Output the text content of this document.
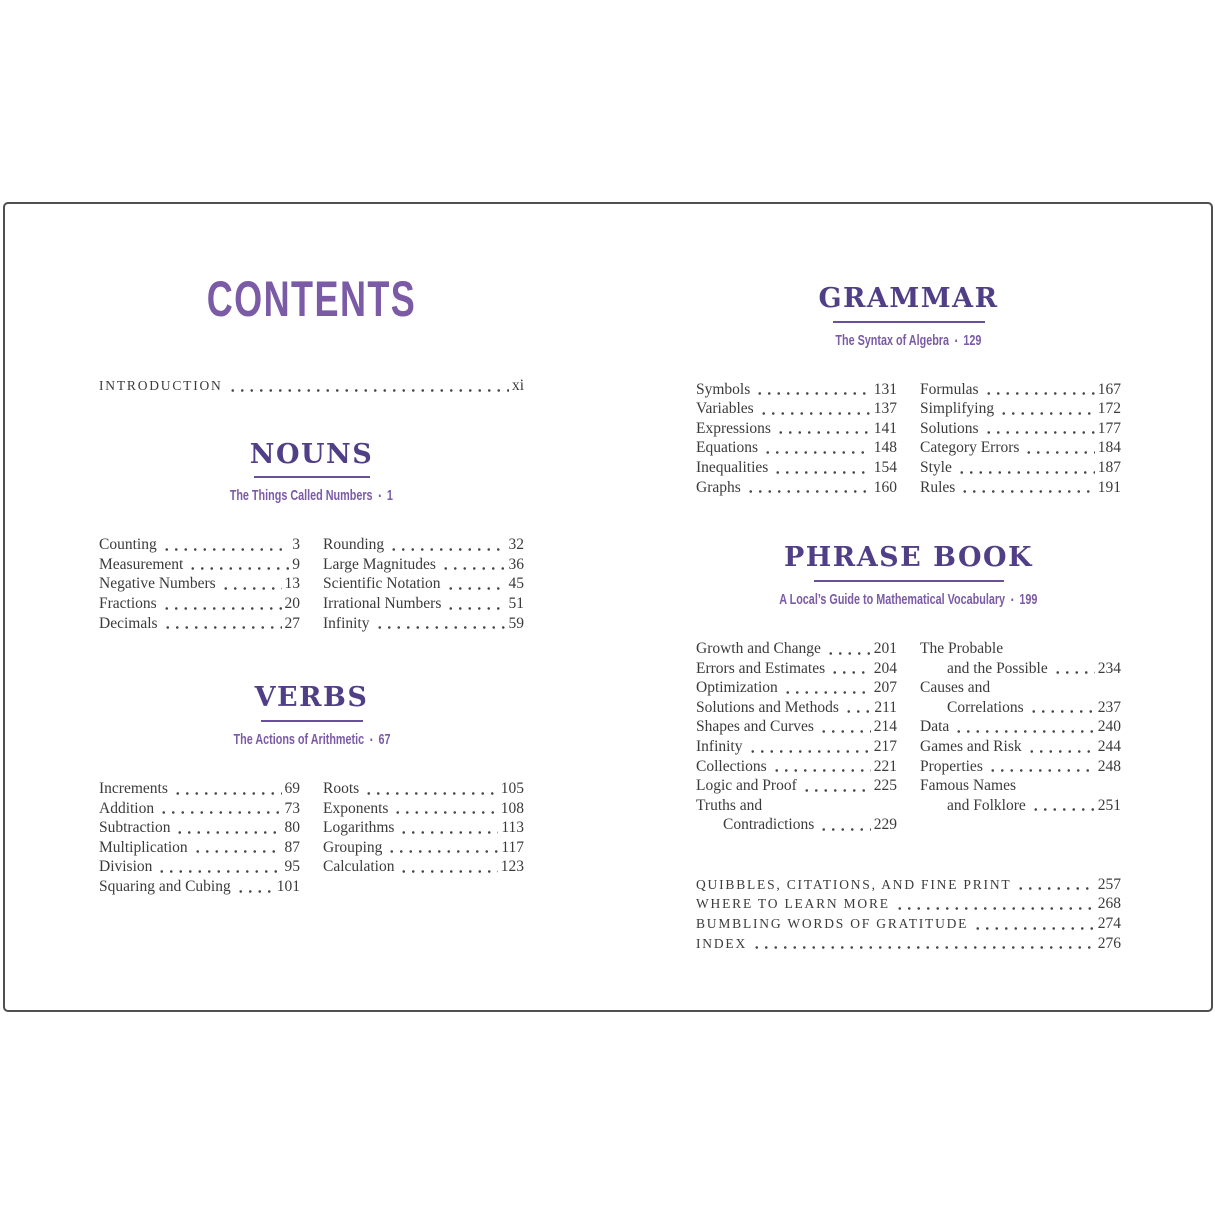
CONTENTS
INTRODUCTION	xi
NOUNS
The Things Called Numbers ▪ 1
Counting	3
Measurement	9
Negative Numbers	13
Fractions	20
Decimals	27
Rounding	32
Large Magnitudes	36
Scientific Notation	45
Irrational Numbers	51
Infinity	59
VERBS
The Actions of Arithmetic ▪ 67
Increments	69
Addition	73
Subtraction	80
Multiplication	87
Division	95
Squaring and Cubing	101
Roots	105
Exponents	108
Logarithms	113
Grouping	117
Calculation	123
GRAMMAR
The Syntax of Algebra ▪ 129
Symbols	131
Variables	137
Expressions	141
Equations	148
Inequalities	154
Graphs	160
Formulas	167
Simplifying	172
Solutions	177
Category Errors	184
Style	187
Rules	191
PHRASE BOOK
A Local’s Guide to Mathematical Vocabulary ▪ 199
Growth and Change	201
Errors and Estimates	204
Optimization	207
Solutions and Methods 211
Shapes and Curves	214
Infinity	217
Collections	221
Logic and Proof	225
Truths and
Contradictions	229
The Probable
and the Possible	234
Causes and
Correlations	237
Data	240
Games and Risk	244
Properties	248
Famous Names
and Folklore	251
QUIBBLES, CITATIONS, AND FINE PRINT	257
WHERE TO LEARN MORE	268
BUMBLING WORDS OF GRATITUDE	274
INDEX	276
